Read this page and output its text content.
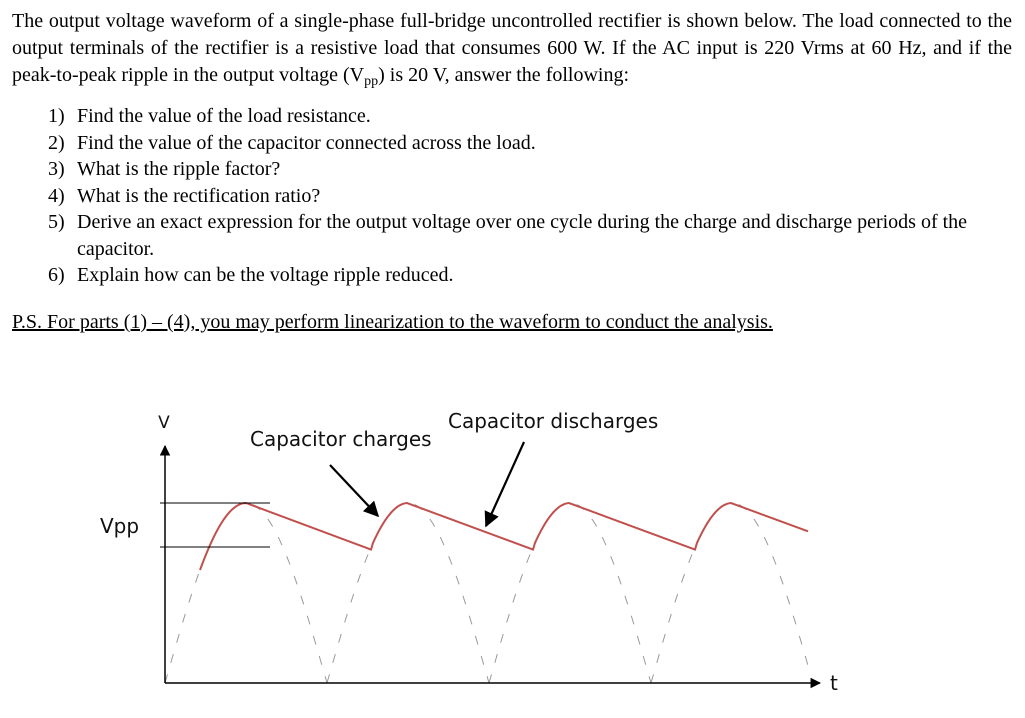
The output voltage waveform of a single-phase full-bridge uncontrolled rectifier is shown below. The load connected to the output terminals of the rectifier is a resistive load that consumes 600 W. If the AC input is 220 Vrms at 60 Hz, and if the peak-to-peak ripple in the output voltage $(V_{pp})$ is 20 V, answer the following:

1) Find the value of the load resistance.
2) Find the value of the capacitor connected across the load.
3) What is the ripple factor?
4) What is the rectification ratio?
5) Derive an exact expression for the output voltage over one cycle during the charge and discharge periods of the capacitor.
6) Explain how can be the voltage ripple reduced.

P.S. For parts (1) – (4), you may perform linearization to the waveform to conduct the analysis.

V
t
Vpp
Capacitor charges
Capacitor discharges
